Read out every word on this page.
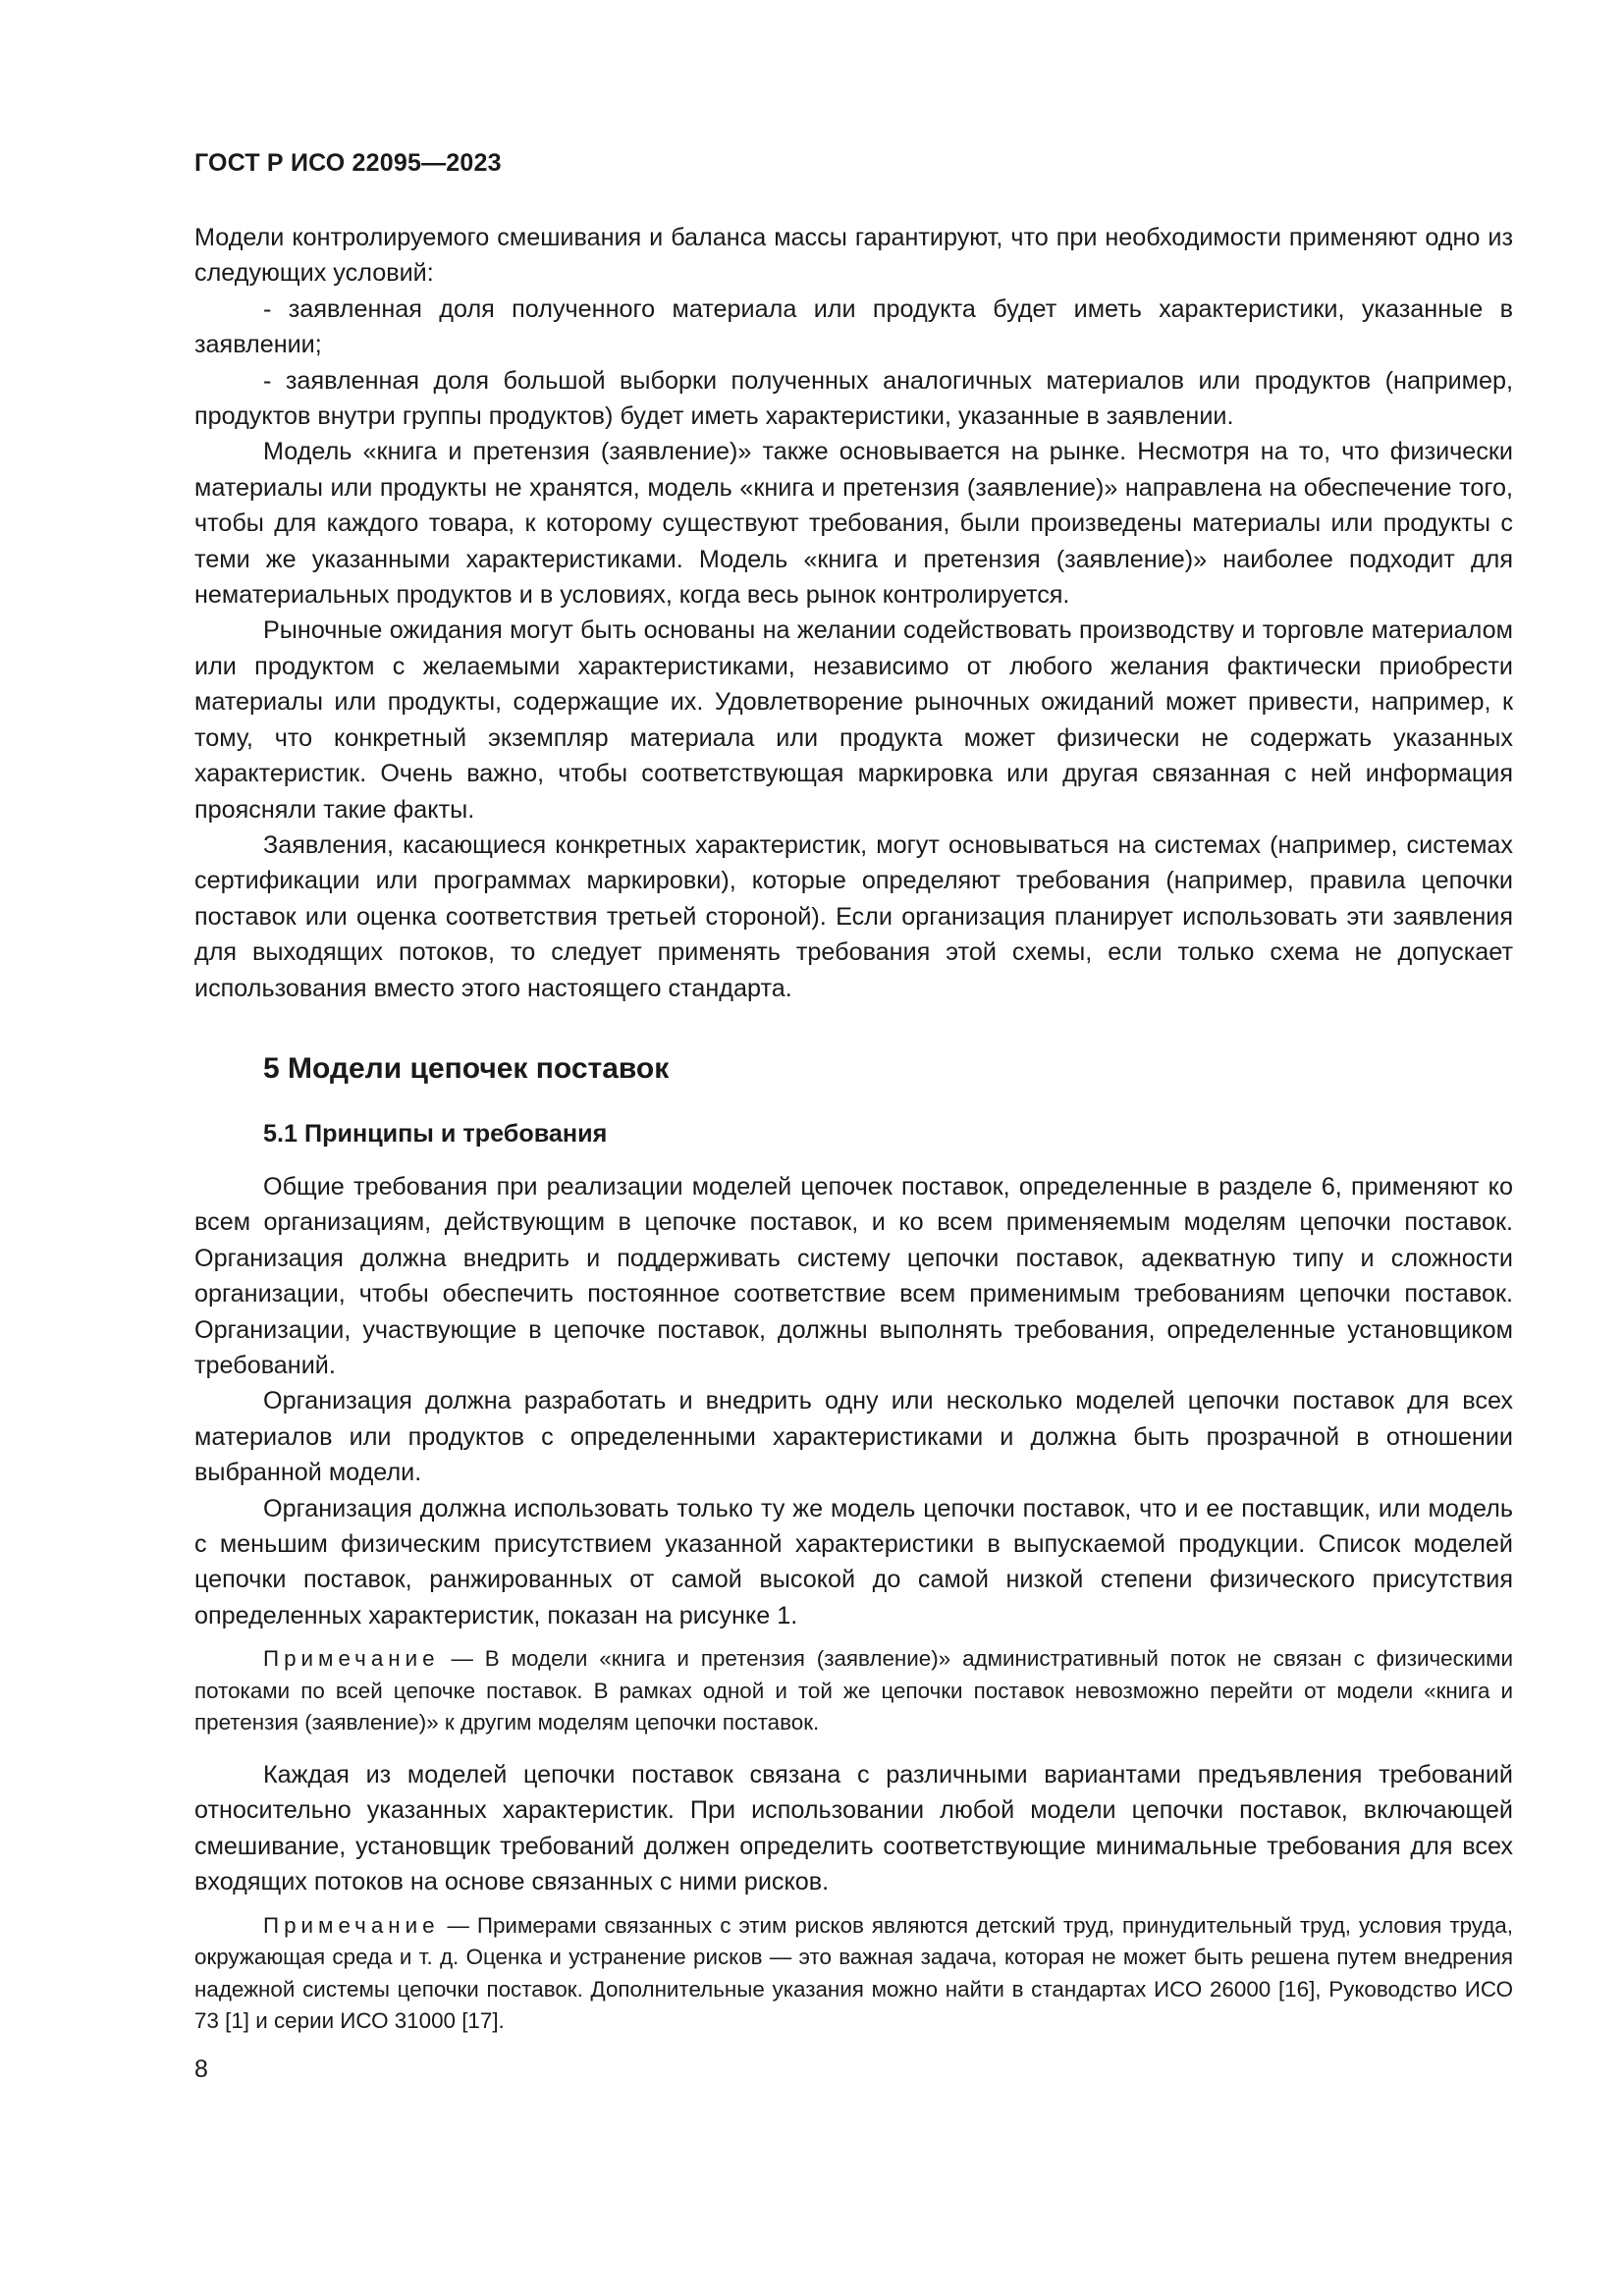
ГОСТ Р ИСО 22095—2023

Модели контролируемого смешивания и баланса массы гарантируют, что при необходимости применяют одно из следующих условий:

- заявленная доля полученного материала или продукта будет иметь характеристики, указанные в заявлении;

- заявленная доля большой выборки полученных аналогичных материалов или продуктов (например, продуктов внутри группы продуктов) будет иметь характеристики, указанные в заявлении.

Модель «книга и претензия (заявление)» также основывается на рынке. Несмотря на то, что физически материалы или продукты не хранятся, модель «книга и претензия (заявление)» направлена на обеспечение того, чтобы для каждого товара, к которому существуют требования, были произведены материалы или продукты с теми же указанными характеристиками. Модель «книга и претензия (заявление)» наиболее подходит для нематериальных продуктов и в условиях, когда весь рынок контролируется.

Рыночные ожидания могут быть основаны на желании содействовать производству и торговле материалом или продуктом с желаемыми характеристиками, независимо от любого желания фактически приобрести материалы или продукты, содержащие их. Удовлетворение рыночных ожиданий может привести, например, к тому, что конкретный экземпляр материала или продукта может физически не содержать указанных характеристик. Очень важно, чтобы соответствующая маркировка или другая связанная с ней информация проясняли такие факты.

Заявления, касающиеся конкретных характеристик, могут основываться на системах (например, системах сертификации или программах маркировки), которые определяют требования (например, правила цепочки поставок или оценка соответствия третьей стороной). Если организация планирует использовать эти заявления для выходящих потоков, то следует применять требования этой схемы, если только схема не допускает использования вместо этого настоящего стандарта.

5 Модели цепочек поставок
5.1 Принципы и требования

Общие требования при реализации моделей цепочек поставок, определенные в разделе 6, применяют ко всем организациям, действующим в цепочке поставок, и ко всем применяемым моделям цепочки поставок. Организация должна внедрить и поддерживать систему цепочки поставок, адекватную типу и сложности организации, чтобы обеспечить постоянное соответствие всем применимым требованиям цепочки поставок. Организации, участвующие в цепочке поставок, должны выполнять требования, определенные установщиком требований.

Организация должна разработать и внедрить одну или несколько моделей цепочки поставок для всех материалов или продуктов с определенными характеристиками и должна быть прозрачной в отношении выбранной модели.

Организация должна использовать только ту же модель цепочки поставок, что и ее поставщик, или модель с меньшим физическим присутствием указанной характеристики в выпускаемой продукции. Список моделей цепочки поставок, ранжированных от самой высокой до самой низкой степени физического присутствия определенных характеристик, показан на рисунке 1.

Примечание — В модели «книга и претензия (заявление)» административный поток не связан с физическими потоками по всей цепочке поставок. В рамках одной и той же цепочки поставок невозможно перейти от модели «книга и претензия (заявление)» к другим моделям цепочки поставок.

Каждая из моделей цепочки поставок связана с различными вариантами предъявления требований относительно указанных характеристик. При использовании любой модели цепочки поставок, включающей смешивание, установщик требований должен определить соответствующие минимальные требования для всех входящих потоков на основе связанных с ними рисков.

Примечание — Примерами связанных с этим рисков являются детский труд, принудительный труд, условия труда, окружающая среда и т. д. Оценка и устранение рисков — это важная задача, которая не может быть решена путем внедрения надежной системы цепочки поставок. Дополнительные указания можно найти в стандартах ИСО 26000 [16], Руководство ИСО 73 [1] и серии ИСО 31000 [17].

8
